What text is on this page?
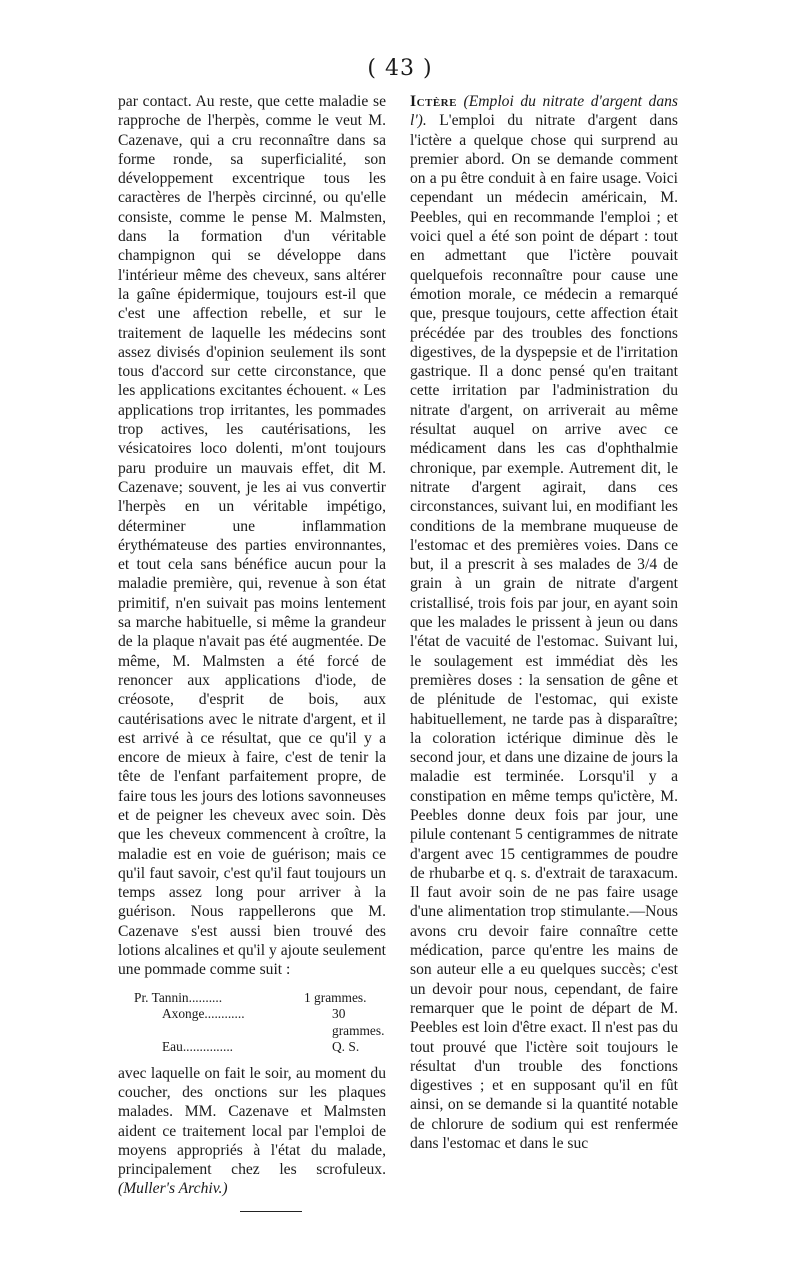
( 43 )

par contact. Au reste, que cette maladie se rapproche de l'herpès, comme le veut M. Cazenave, qui a cru reconnaître dans sa forme ronde, sa superficialité, son développement excentrique tous les caractères de l'herpès circinné, ou qu'elle consiste, comme le pense M. Malmsten, dans la formation d'un véritable champignon qui se développe dans l'intérieur même des cheveux, sans altérer la gaîne épidermique, toujours est-il que c'est une affection rebelle, et sur le traitement de laquelle les médecins sont assez divisés d'opinion seulement ils sont tous d'accord sur cette circonstance, que les applications excitantes échouent. « Les applications trop irritantes, les pommades trop actives, les cautérisations, les vésicatoires loco dolenti, m'ont toujours paru produire un mauvais effet, dit M. Cazenave; souvent, je les ai vus convertir l'herpès en un véritable impétigo, déterminer une inflammation érythémateuse des parties environnantes, et tout cela sans bénéfice aucun pour la maladie première, qui, revenue à son état primitif, n'en suivait pas moins lentement sa marche habituelle, si même la grandeur de la plaque n'avait pas été augmentée. De même, M. Malmsten a été forcé de renoncer aux applications d'iode, de créosote, d'esprit de bois, aux cautérisations avec le nitrate d'argent, et il est arrivé à ce résultat, que ce qu'il y a encore de mieux à faire, c'est de tenir la tête de l'enfant parfaitement propre, de faire tous les jours des lotions savonneuses et de peigner les cheveux avec soin. Dès que les cheveux commencent à croître, la maladie est en voie de guérison; mais ce qu'il faut savoir, c'est qu'il faut toujours un temps assez long pour arriver à la guérison. Nous rappellerons que M. Cazenave s'est aussi bien trouvé des lotions alcalines et qu'il y ajoute seulement une pommade comme suit :

Pr. Tannin..........	1 grammes.
Axonge............	30 grammes.
Eau...............	Q. S.

avec laquelle on fait le soir, au moment du coucher, des onctions sur les plaques malades. MM. Cazenave et Malmsten aident ce traitement local par l'emploi de moyens appropriés à l'état du malade, principalement chez les scrofuleux. (Muller's Archiv.)

Ictère (Emploi du nitrate d'argent dans l'). L'emploi du nitrate d'argent dans l'ictère a quelque chose qui surprend au premier abord. On se demande comment on a pu être conduit à en faire usage. Voici cependant un médecin américain, M. Peebles, qui en recommande l'emploi ; et voici quel a été son point de départ : tout en admettant que l'ictère pouvait quelquefois reconnaître pour cause une émotion morale, ce médecin a remarqué que, presque toujours, cette affection était précédée par des troubles des fonctions digestives, de la dyspepsie et de l'irritation gastrique. Il a donc pensé qu'en traitant cette irritation par l'administration du nitrate d'argent, on arriverait au même résultat auquel on arrive avec ce médicament dans les cas d'ophthalmie chronique, par exemple. Autrement dit, le nitrate d'argent agirait, dans ces circonstances, suivant lui, en modifiant les conditions de la membrane muqueuse de l'estomac et des premières voies. Dans ce but, il a prescrit à ses malades de 3/4 de grain à un grain de nitrate d'argent cristallisé, trois fois par jour, en ayant soin que les malades le prissent à jeun ou dans l'état de vacuité de l'estomac. Suivant lui, le soulagement est immédiat dès les premières doses : la sensation de gêne et de plénitude de l'estomac, qui existe habituellement, ne tarde pas à disparaître; la coloration ictérique diminue dès le second jour, et dans une dizaine de jours la maladie est terminée. Lorsqu'il y a constipation en même temps qu'ictère, M. Peebles donne deux fois par jour, une pilule contenant 5 centigrammes de nitrate d'argent avec 15 centigrammes de poudre de rhubarbe et q. s. d'extrait de taraxacum. Il faut avoir soin de ne pas faire usage d'une alimentation trop stimulante.—Nous avons cru devoir faire connaître cette médication, parce qu'entre les mains de son auteur elle a eu quelques succès; c'est un devoir pour nous, cependant, de faire remarquer que le point de départ de M. Peebles est loin d'être exact. Il n'est pas du tout prouvé que l'ictère soit toujours le résultat d'un trouble des fonctions digestives ; et en supposant qu'il en fût ainsi, on se demande si la quantité notable de chlorure de sodium qui est renfermée dans l'estomac et dans le suc
